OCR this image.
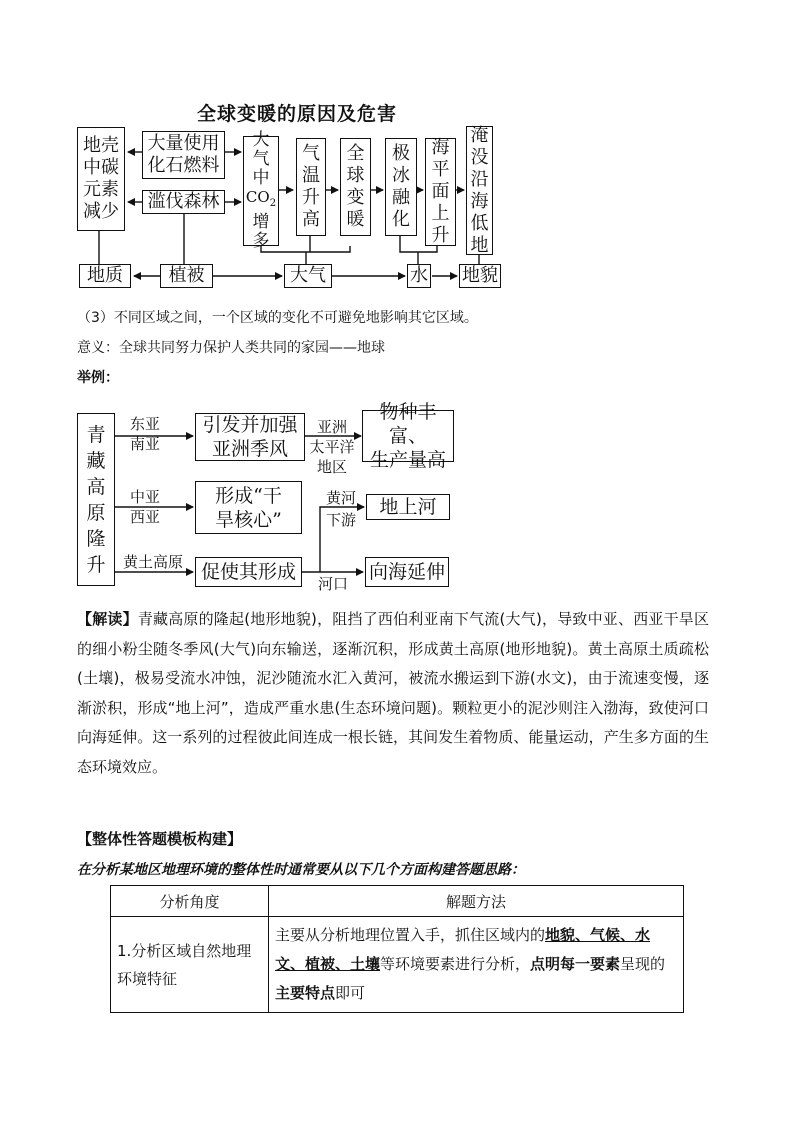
全球变暖的原因及危害
地壳
中碳
元素
减少
大量使用
化石燃料
滥伐森林
大
气
中
$CO_2$
增
多
气
温
升
高
全
球
变
暖
极
冰
融
化
海
平
面
上
升
淹
没
沿
海
低
地
地质	植被	大气	水 地貌
（3）不同区域之间，一个区域的变化不可避免地影响其它区域。
意义：全球共同努力保护人类共同的家园——地球
举例：
青
藏
高
原
隆
升
东亚
南亚
引发并加强
亚洲季风
亚洲
太平洋
地区
物种丰富、
生产量高
中亚
西亚
形成“干
旱核心”
黄河
下游
地上河
黄土高原 促使其形成
河口
向海延伸
【解读】青藏高原的隆起(地形地貌)，阻挡了西伯利亚南下气流(大气)，导致中亚、西亚干旱区的细小粉尘随冬季风(大气)向东输送，逐渐沉积，形成黄土高原(地形地貌)。黄土高原土质疏松(土壤)，极易受流水冲蚀，泥沙随流水汇入黄河，被流水搬运到下游(水文)，由于流速变慢，逐渐淤积，形成“地上河”，造成严重水患(生态环境问题)。颗粒更小的泥沙则注入渤海，致使河口向海延伸。这一系列的过程彼此间连成一根长链，其间发生着物质、能量运动，产生多方面的生态环境效应。
【整体性答题模板构建】
在分析某地区地理环境的整体性时通常要从以下几个方面构建答题思路：
分析角度	解题方法
1.分析区域自然地理环境特征	主要从分析地理位置入手，抓住区域内的地貌、气候、水文、植被、土壤等环境要素进行分析，点明每一要素呈现的主要特点即可
